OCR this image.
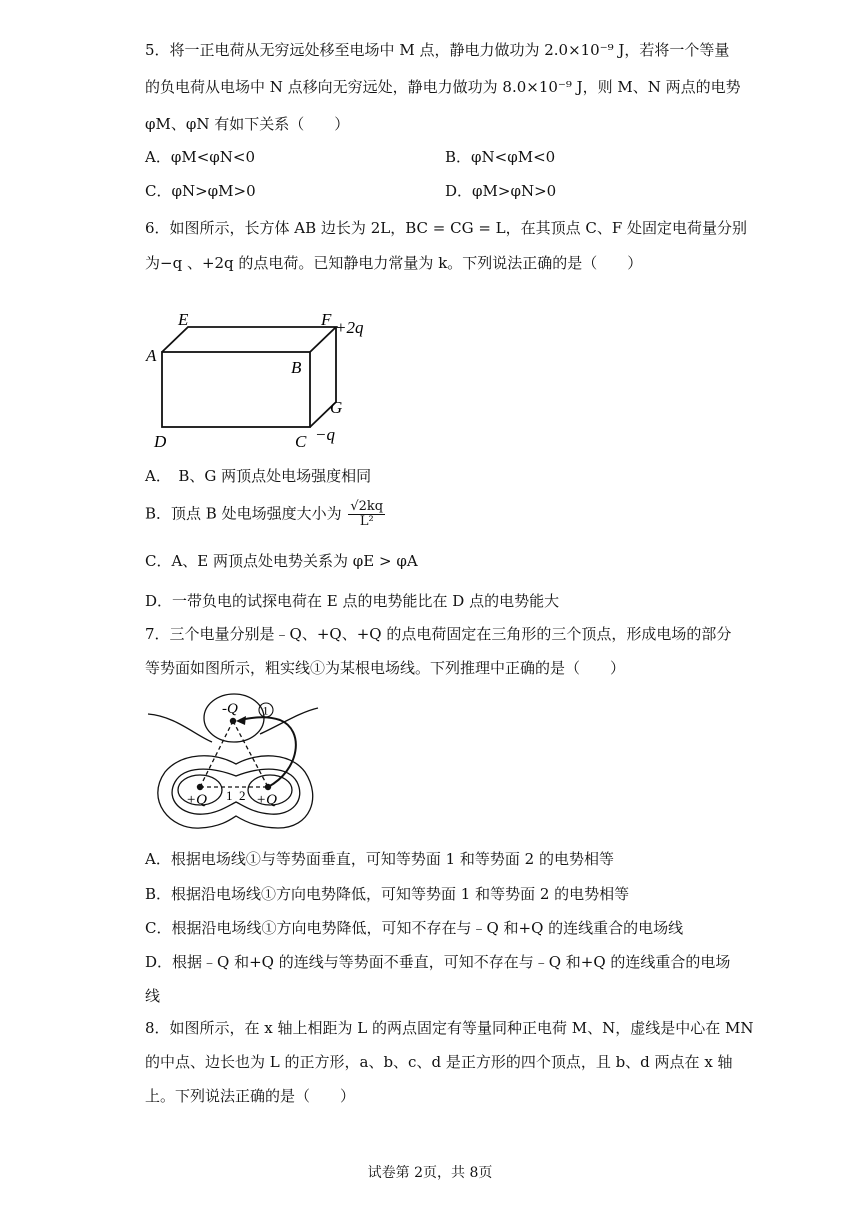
5．将一正电荷从无穷远处移至电场中 M 点，静电力做功为 2.0×10⁻⁹ J，若将一个等量
的负电荷从电场中 N 点移向无穷远处，静电力做功为 8.0×10⁻⁹ J，则 M、N 两点的电势
φM、φN 有如下关系（　　）
A．φM<φN<0	B．φN<φM<0
C．φN>φM>0	D．φM>φN>0
6．如图所示，长方体 AB 边长为 2L，BC = CG = L，在其顶点 C、F 处固定电荷量分别
为−q 、+2q 的点电荷。已知静电力常量为 k。下列说法正确的是（　　）
E	F +2q
A
B
G
D	C −q
A．　B、G 两顶点处电场强度相同
B．顶点 B 处电场强度大小为 $\frac{√2kq}{\text{L²}}$
C．A、E 两顶点处电势关系为 φE > φA
D．一带负电的试探电荷在 E 点的电势能比在 D 点的电势能大
7．三个电量分别是﹣Q、+Q、+Q 的点电荷固定在三角形的三个顶点，形成电场的部分
等势面如图所示，粗实线①为某根电场线。下列推理中正确的是（　　）
1
-Q
+Q 1 2 +Q
A．根据电场线①与等势面垂直，可知等势面 1 和等势面 2 的电势相等
B．根据沿电场线①方向电势降低，可知等势面 1 和等势面 2 的电势相等
C．根据沿电场线①方向电势降低，可知不存在与﹣Q 和+Q 的连线重合的电场线
D．根据﹣Q 和+Q 的连线与等势面不垂直，可知不存在与﹣Q 和+Q 的连线重合的电场
线
8．如图所示，在 x 轴上相距为 L 的两点固定有等量同种正电荷 M、N，虚线是中心在 MN
的中点、边长也为 L 的正方形，a、b、c、d 是正方形的四个顶点，且 b、d 两点在 x 轴
上。下列说法正确的是（　　）
试卷第 2页，共 8页
